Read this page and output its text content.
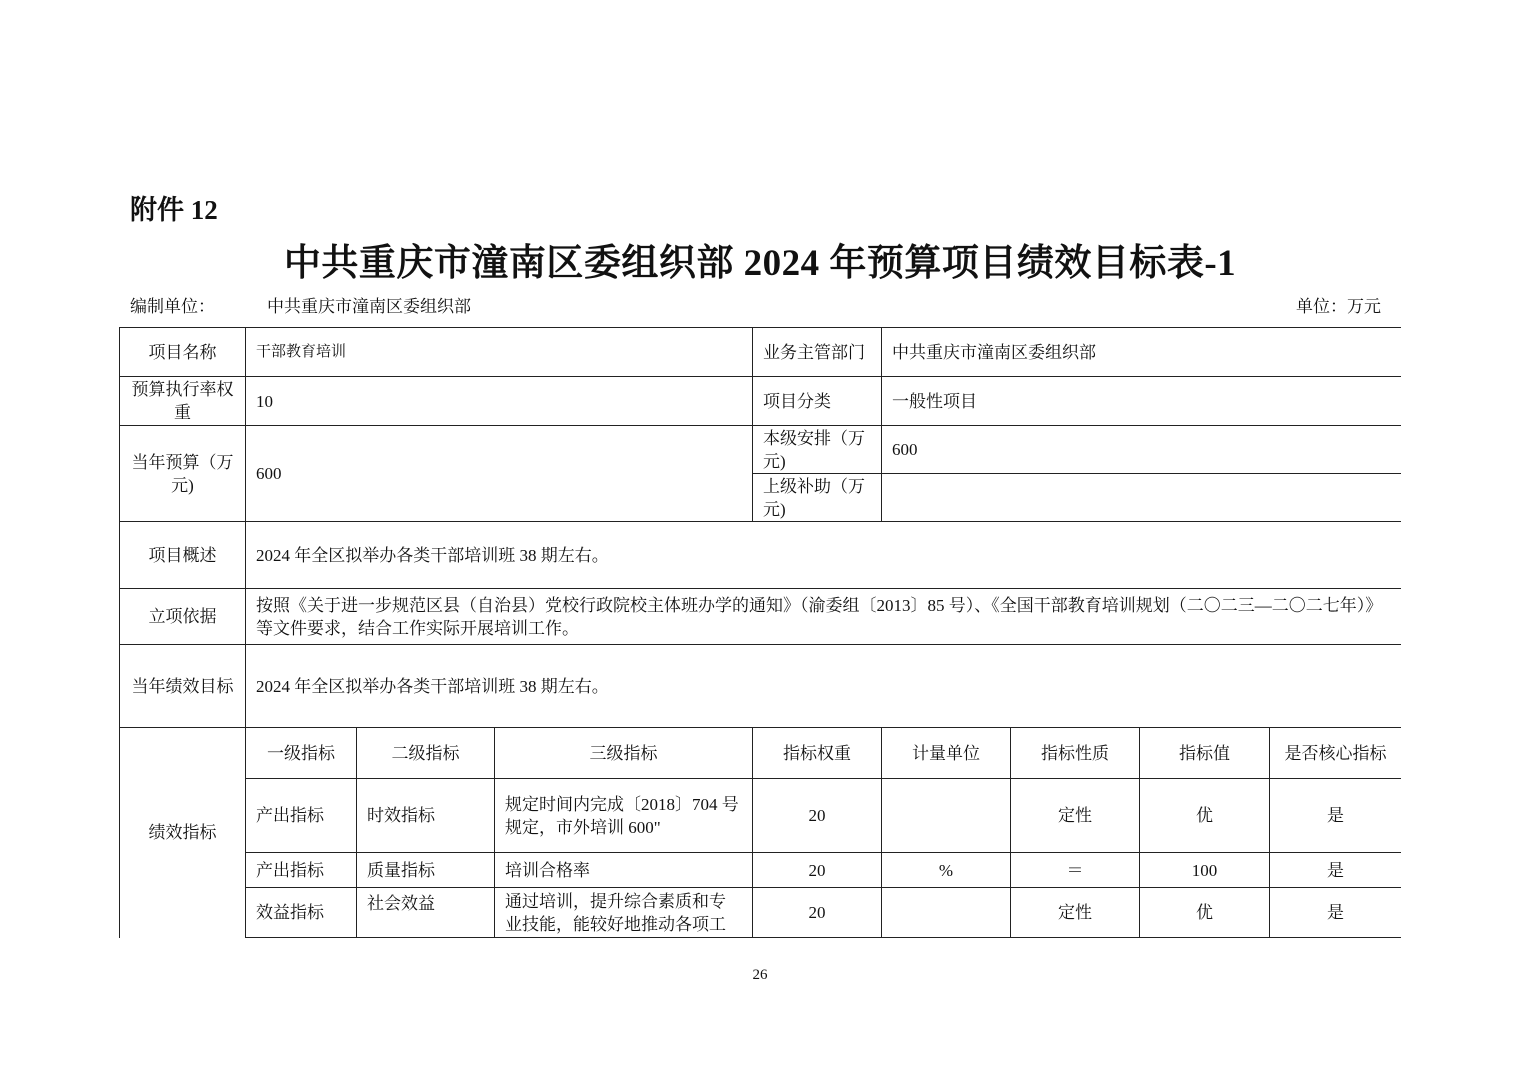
附件 12
中共重庆市潼南区委组织部 2024 年预算项目绩效目标表-1
编制单位：	中共重庆市潼南区委组织部	单位：万元
项目名称	干部教育培训			业务主管部门	中共重庆市潼南区委组织部			
预算执行率权重	10			项目分类	一般性项目			
当年预算（万元)	600			本级安排（万元)	600			
				上级补助（万元)				
项目概述	2024 年全区拟举办各类干部培训班 38 期左右。							
立项依据	按照《关于进一步规范区县（自治县）党校行政院校主体班办学的通知》（渝委组〔2013〕85 号）、《全国干部教育培训规划（二〇二三—二〇二七年）》等文件要求，结合工作实际开展培训工作。							
当年绩效目标	2024 年全区拟举办各类干部培训班 38 期左右。							
绩效指标	一级指标	二级指标	三级指标	指标权重	计量单位	指标性质	指标值	是否核心指标
	产出指标	时效指标	规定时间内完成〔2018〕704 号规定，市外培训 600"	20		定性	优	是
	产出指标	质量指标	培训合格率	20	%	＝	100	是
	效益指标	社会效益	通过培训，提升综合素质和专业技能，能较好地推动各项工	20		定性	优	是
26
